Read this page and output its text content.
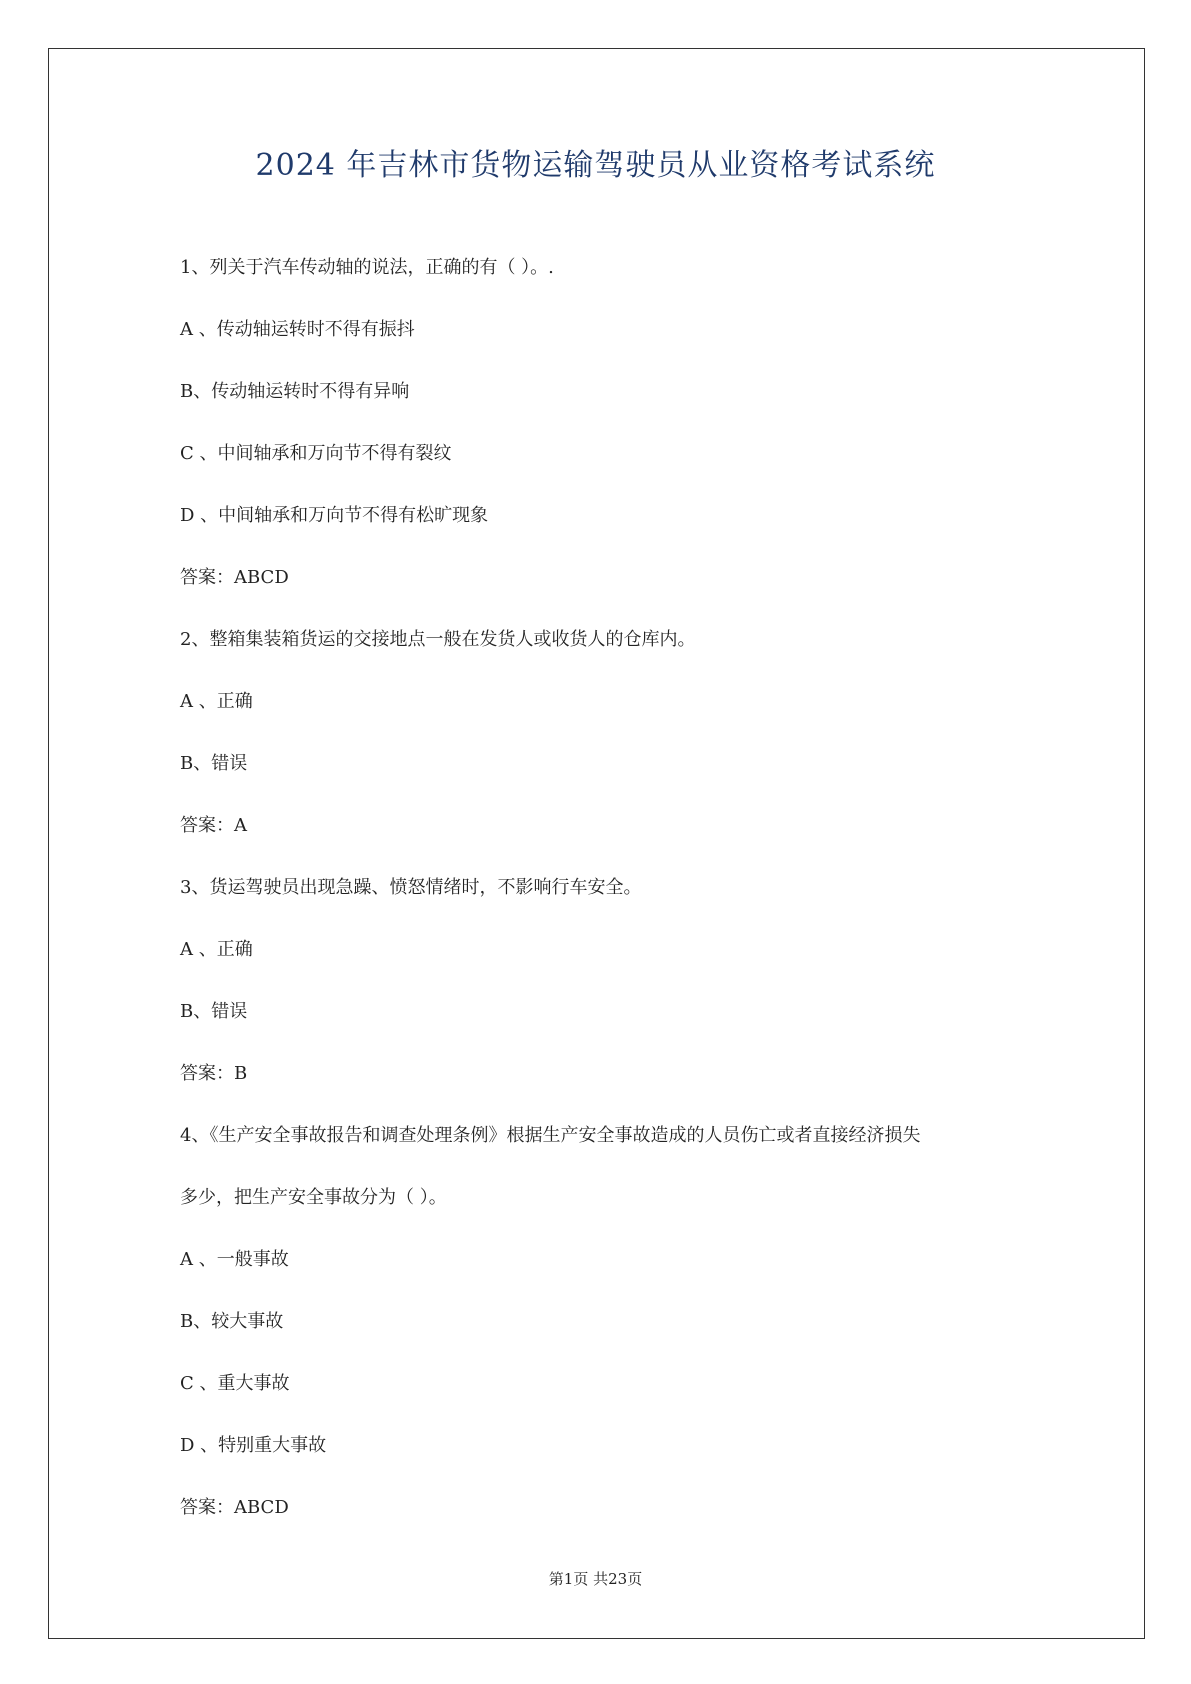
2024 年吉林市货物运输驾驶员从业资格考试系统
1、列关于汽车传动轴的说法，正确的有（ ）。.
A 、传动轴运转时不得有振抖
B、传动轴运转时不得有异响
C 、中间轴承和万向节不得有裂纹
D 、中间轴承和万向节不得有松旷现象
答案：ABCD
2、整箱集装箱货运的交接地点一般在发货人或收货人的仓库内。
A 、正确
B、错误
答案：A
3、货运驾驶员出现急躁、愤怒情绪时，不影响行车安全。
A 、正确
B、错误
答案：B
4、《生产安全事故报告和调查处理条例》根据生产安全事故造成的人员伤亡或者直接经济损失
多少，把生产安全事故分为（ ）。
A 、一般事故
B、较大事故
C 、重大事故
D 、特别重大事故
答案：ABCD
第1页 共23页
